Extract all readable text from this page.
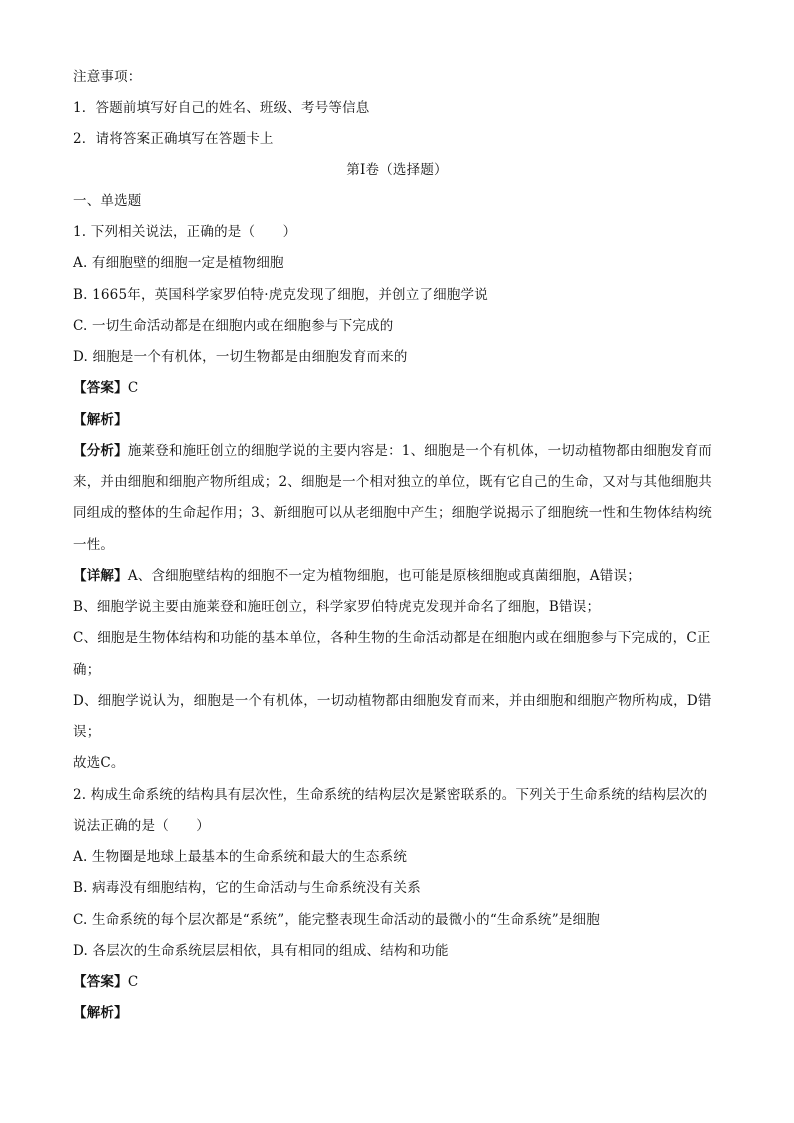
注意事项：
1．答题前填写好自己的姓名、班级、考号等信息
2．请将答案正确填写在答题卡上
第I卷（选择题）
一、单选题
1. 下列相关说法，正确的是（　　）
A. 有细胞壁的细胞一定是植物细胞
B. 1665年，英国科学家罗伯特·虎克发现了细胞，并创立了细胞学说
C. 一切生命活动都是在细胞内或在细胞参与下完成的
D. 细胞是一个有机体，一切生物都是由细胞发育而来的
【答案】C
【解析】
【分析】施莱登和施旺创立的细胞学说的主要内容是：1、细胞是一个有机体，一切动植物都由细胞发育而
来，并由细胞和细胞产物所组成；2、细胞是一个相对独立的单位，既有它自己的生命，又对与其他细胞共
同组成的整体的生命起作用；3、新细胞可以从老细胞中产生；细胞学说揭示了细胞统一性和生物体结构统
一性。
【详解】A、含细胞壁结构的细胞不一定为植物细胞，也可能是原核细胞或真菌细胞，A错误；
B、细胞学说主要由施莱登和施旺创立，科学家罗伯特虎克发现并命名了细胞，B错误；
C、细胞是生物体结构和功能的基本单位，各种生物的生命活动都是在细胞内或在细胞参与下完成的，C正
确；
D、细胞学说认为，细胞是一个有机体，一切动植物都由细胞发育而来，并由细胞和细胞产物所构成，D错
误；
故选C。
2. 构成生命系统的结构具有层次性，生命系统的结构层次是紧密联系的。下列关于生命系统的结构层次的
说法正确的是（　　）
A. 生物圈是地球上最基本的生命系统和最大的生态系统
B. 病毒没有细胞结构，它的生命活动与生命系统没有关系
C. 生命系统的每个层次都是“系统”，能完整表现生命活动的最微小的“生命系统”是细胞
D. 各层次的生命系统层层相依，具有相同的组成、结构和功能
【答案】C
【解析】
